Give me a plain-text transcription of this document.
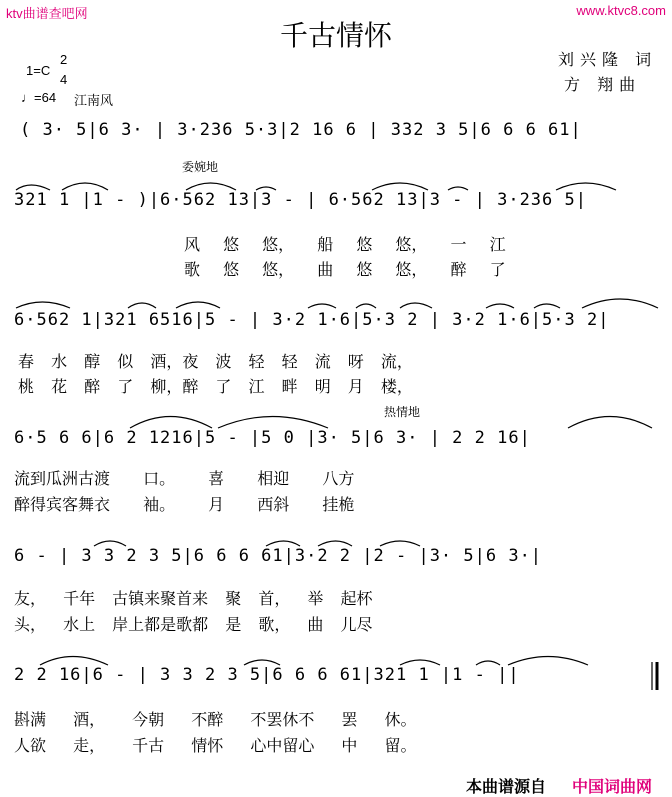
ktv曲谱查吧网	www.ktvc8.com
千古情怀
刘兴隆 词
方 翔曲
1=C
2
4
♩=64 江南风
委婉地
热情地
( 3· 5|6 3· | 3·236 5·3|2 16 6 | 332 3 5|6 6 6 61|
321 1 |1 - )|6·562 13|3 - | 6·562 13|3 - | 3·236 5|
风 悠 悠， 船 悠 悠， 一 江
歌 悠 悠， 曲 悠 悠， 醉 了
6·562 1|321 6516|5 - | 3·2 1·6|5·3 2 | 3·2 1·6|5·3 2|
春 水 醇 似 酒，夜 波 轻 轻 流 呀 流，
桃 花 醉 了 柳，醉 了 江 畔 明 月 楼，
6·5 6 6|6 2 1216|5 - |5 0 |3· 5|6 3· | 2 2 16|
流到瓜洲古渡 口。 喜 相迎 八方
醉得宾客舞衣 袖。 月 西斜 挂桅
6 - | 3 3 2 3 5|6 6 6 61|3·2 2 |2 - |3· 5|6 3·|
友， 千年 古镇来聚首来 聚 首， 举 起杯
头， 水上 岸上都是歌都 是 歌， 曲 儿尽
2 2 16|6 - | 3 3 2 3 5|6 6 6 61|321 1 |1 - ||
斟满 酒， 今朝 不醉 不罢休不 罢 休。
人欲 走， 千古 情怀 心中留心 中 留。
本曲谱源自 中国词曲网
